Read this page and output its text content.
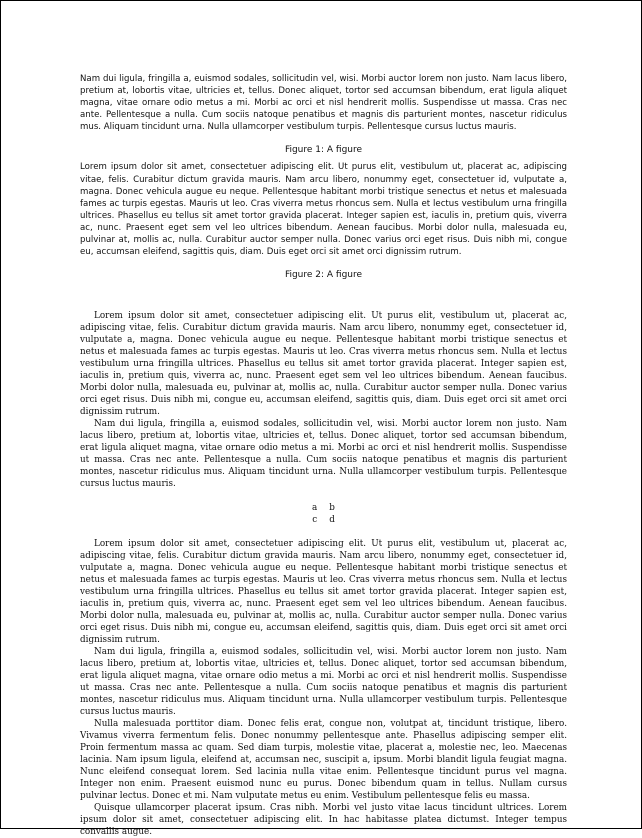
Nam dui ligula, fringilla a, euismod sodales, sollicitudin vel, wisi. Morbi auctor lorem non justo. Nam lacus libero, pretium at, lobortis vitae, ultricies et, tellus. Donec aliquet, tortor sed accumsan bibendum, erat ligula aliquet magna, vitae ornare odio metus a mi. Morbi ac orci et nisl hendrerit mollis. Suspendisse ut massa. Cras nec ante. Pellentesque a nulla. Cum sociis natoque penatibus et magnis dis parturient montes, nascetur ridiculus mus. Aliquam tincidunt urna. Nulla ullamcorper vestibulum turpis. Pellentesque cursus luctus mauris.

Figure 1: A figure

Lorem ipsum dolor sit amet, consectetuer adipiscing elit. Ut purus elit, vestibulum ut, placerat ac, adipiscing vitae, felis. Curabitur dictum gravida mauris. Nam arcu libero, nonummy eget, consectetuer id, vulputate a, magna. Donec vehicula augue eu neque. Pellentesque habitant morbi tristique senectus et netus et malesuada fames ac turpis egestas. Mauris ut leo. Cras viverra metus rhoncus sem. Nulla et lectus vestibulum urna fringilla ultrices. Phasellus eu tellus sit amet tortor gravida placerat. Integer sapien est, iaculis in, pretium quis, viverra ac, nunc. Praesent eget sem vel leo ultrices bibendum. Aenean faucibus. Morbi dolor nulla, malesuada eu, pulvinar at, mollis ac, nulla. Curabitur auctor semper nulla. Donec varius orci eget risus. Duis nibh mi, congue eu, accumsan eleifend, sagittis quis, diam. Duis eget orci sit amet orci dignissim rutrum.

Figure 2: A figure

Lorem ipsum dolor sit amet, consectetuer adipiscing elit. Ut purus elit, vestibulum ut, placerat ac, adipiscing vitae, felis. Curabitur dictum gravida mauris. Nam arcu libero, nonummy eget, consectetuer id, vulputate a, magna. Donec vehicula augue eu neque. Pellentesque habitant morbi tristique senectus et netus et malesuada fames ac turpis egestas. Mauris ut leo. Cras viverra metus rhoncus sem. Nulla et lectus vestibulum urna fringilla ultrices. Phasellus eu tellus sit amet tortor gravida placerat. Integer sapien est, iaculis in, pretium quis, viverra ac, nunc. Praesent eget sem vel leo ultrices bibendum. Aenean faucibus. Morbi dolor nulla, malesuada eu, pulvinar at, mollis ac, nulla. Curabitur auctor semper nulla. Donec varius orci eget risus. Duis nibh mi, congue eu, accumsan eleifend, sagittis quis, diam. Duis eget orci sit amet orci dignissim rutrum.

Nam dui ligula, fringilla a, euismod sodales, sollicitudin vel, wisi. Morbi auctor lorem non justo. Nam lacus libero, pretium at, lobortis vitae, ultricies et, tellus. Donec aliquet, tortor sed accumsan bibendum, erat ligula aliquet magna, vitae ornare odio metus a mi. Morbi ac orci et nisl hendrerit mollis. Suspendisse ut massa. Cras nec ante. Pellentesque a nulla. Cum sociis natoque penatibus et magnis dis parturient montes, nascetur ridiculus mus. Aliquam tincidunt urna. Nulla ullamcorper vestibulum turpis. Pellentesque cursus luctus mauris.

a	b
c	d

Lorem ipsum dolor sit amet, consectetuer adipiscing elit. Ut purus elit, vestibulum ut, placerat ac, adipiscing vitae, felis. Curabitur dictum gravida mauris. Nam arcu libero, nonummy eget, consectetuer id, vulputate a, magna. Donec vehicula augue eu neque. Pellentesque habitant morbi tristique senectus et netus et malesuada fames ac turpis egestas. Mauris ut leo. Cras viverra metus rhoncus sem. Nulla et lectus vestibulum urna fringilla ultrices. Phasellus eu tellus sit amet tortor gravida placerat. Integer sapien est, iaculis in, pretium quis, viverra ac, nunc. Praesent eget sem vel leo ultrices bibendum. Aenean faucibus. Morbi dolor nulla, malesuada eu, pulvinar at, mollis ac, nulla. Curabitur auctor semper nulla. Donec varius orci eget risus. Duis nibh mi, congue eu, accumsan eleifend, sagittis quis, diam. Duis eget orci sit amet orci dignissim rutrum.

Nam dui ligula, fringilla a, euismod sodales, sollicitudin vel, wisi. Morbi auctor lorem non justo. Nam lacus libero, pretium at, lobortis vitae, ultricies et, tellus. Donec aliquet, tortor sed accumsan bibendum, erat ligula aliquet magna, vitae ornare odio metus a mi. Morbi ac orci et nisl hendrerit mollis. Suspendisse ut massa. Cras nec ante. Pellentesque a nulla. Cum sociis natoque penatibus et magnis dis parturient montes, nascetur ridiculus mus. Aliquam tincidunt urna. Nulla ullamcorper vestibulum turpis. Pellentesque cursus luctus mauris.

Nulla malesuada porttitor diam. Donec felis erat, congue non, volutpat at, tincidunt tristique, libero. Vivamus viverra fermentum felis. Donec nonummy pellentesque ante. Phasellus adipiscing semper elit. Proin fermentum massa ac quam. Sed diam turpis, molestie vitae, placerat a, molestie nec, leo. Maecenas lacinia. Nam ipsum ligula, eleifend at, accumsan nec, suscipit a, ipsum. Morbi blandit ligula feugiat magna. Nunc eleifend consequat lorem. Sed lacinia nulla vitae enim. Pellentesque tincidunt purus vel magna. Integer non enim. Praesent euismod nunc eu purus. Donec bibendum quam in tellus. Nullam cursus pulvinar lectus. Donec et mi. Nam vulputate metus eu enim. Vestibulum pellentesque felis eu massa.

Quisque ullamcorper placerat ipsum. Cras nibh. Morbi vel justo vitae lacus tincidunt ultrices. Lorem ipsum dolor sit amet, consectetuer adipiscing elit. In hac habitasse platea dictumst. Integer tempus convallis augue.
